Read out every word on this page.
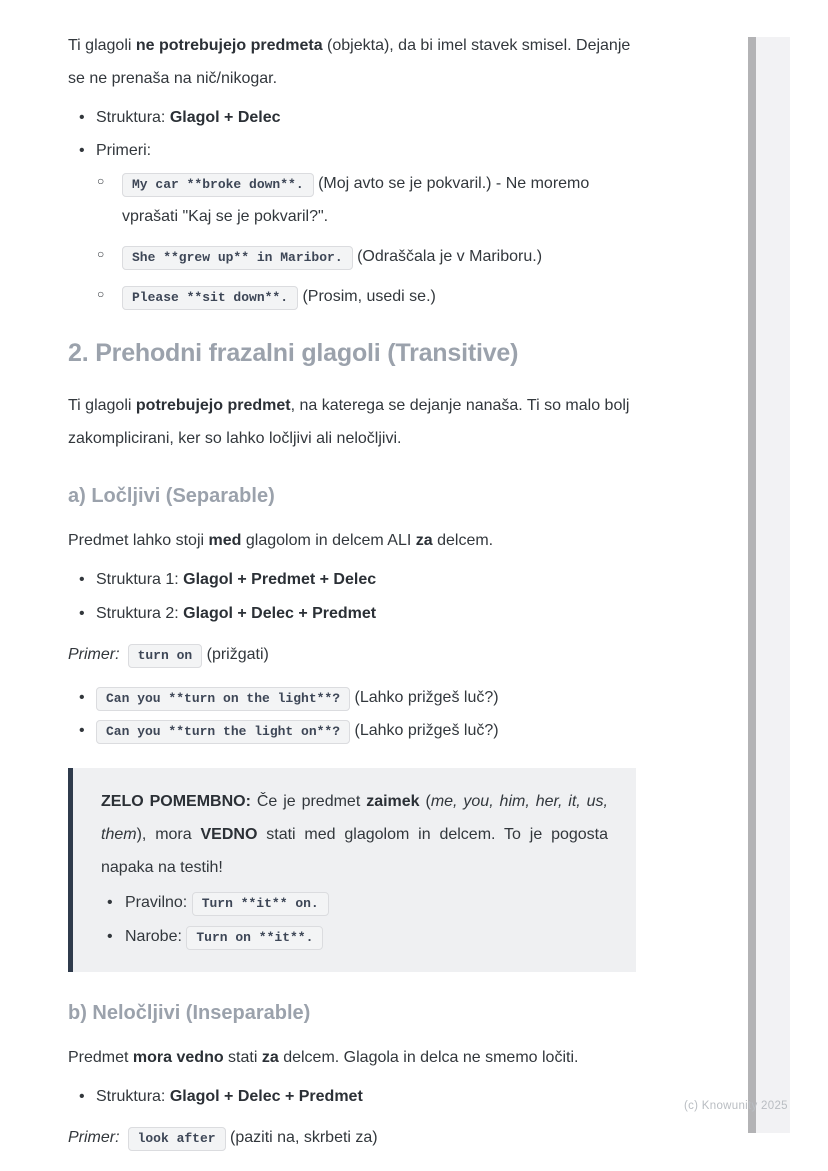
Ti glagoli ne potrebujejo predmeta (objekta), da bi imel stavek smisel. Dejanje se ne prenaša na nič/nikogar.

• Struktura: Glagol + Delec
• Primeri:
○ My car **broke down**. (Moj avto se je pokvaril.) - Ne moremo vprašati "Kaj se je pokvaril?".
○ She **grew up** in Maribor. (Odraščala je v Mariboru.)
○ Please **sit down**. (Prosim, usedi se.)
2. Prehodni frazalni glagoli (Transitive)

Ti glagoli potrebujejo predmet, na katerega se dejanje nanaša. Ti so malo bolj zakomplicirani, ker so lahko ločljivi ali neločljivi.

a) Ločljivi (Separable)

Predmet lahko stoji med glagolom in delcem ALI za delcem.

• Struktura 1: Glagol + Predmet + Delec
• Struktura 2: Glagol + Delec + Predmet

Primer: turn on (prižgati)

• Can you **turn on the light**? (Lahko prižgeš luč?)
• Can you **turn the light on**? (Lahko prižgeš luč?)

ZELO POMEMBNO: Če je predmet zaimek (me, you, him, her, it, us, them), mora VEDNO stati med glagolom in delcem. To je pogosta napaka na testih!

• Pravilno: Turn **it** on.
• Narobe: Turn on **it**.
b) Neločljivi (Inseparable)

Predmet mora vedno stati za delcem. Glagola in delca ne smemo ločiti.

• Struktura: Glagol + Delec + Predmet

Primer: look after (paziti na, skrbeti za)

(c) Knowunity 2025
